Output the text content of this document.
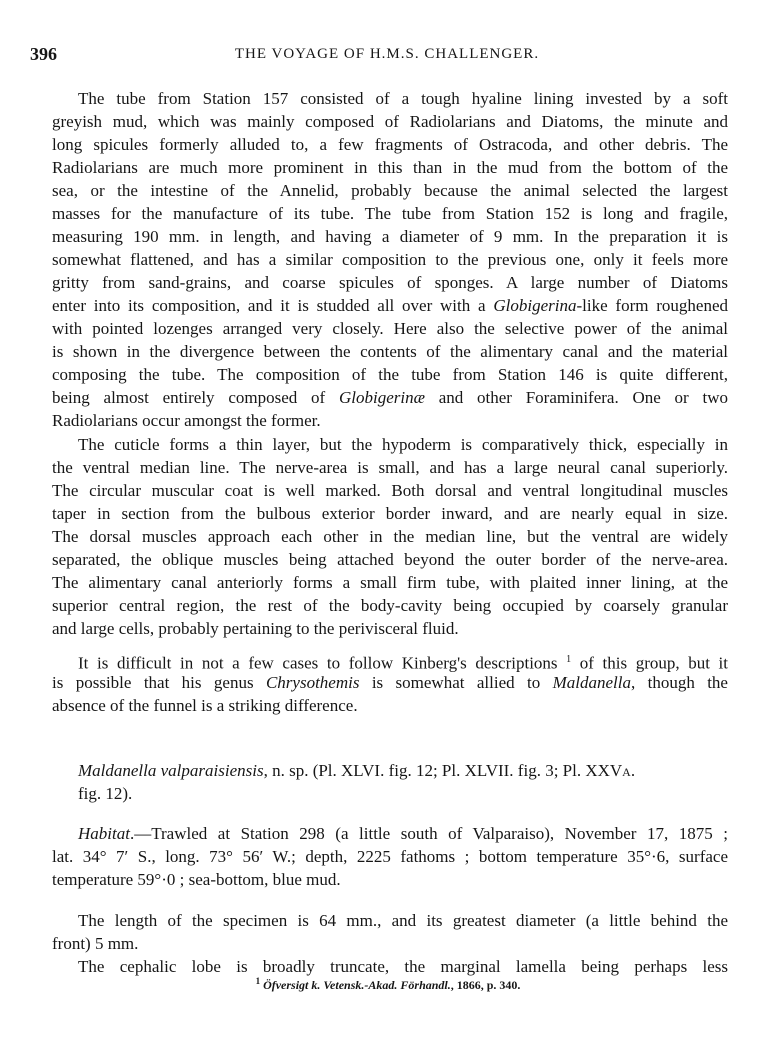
396	THE VOYAGE OF H.M.S. CHALLENGER.
The tube from Station 157 consisted of a tough hyaline lining invested by a soft
greyish mud, which was mainly composed of Radiolarians and Diatoms, the minute and
long spicules formerly alluded to, a few fragments of Ostracoda, and other debris. The
Radiolarians are much more prominent in this than in the mud from the bottom of the
sea, or the intestine of the Annelid, probably because the animal selected the largest
masses for the manufacture of its tube. The tube from Station 152 is long and fragile,
measuring 190 mm. in length, and having a diameter of 9 mm. In the preparation it is
somewhat flattened, and has a similar composition to the previous one, only it feels more
gritty from sand-grains, and coarse spicules of sponges. A large number of Diatoms
enter into its composition, and it is studded all over with a Globigerina-like form roughened
with pointed lozenges arranged very closely. Here also the selective power of the animal
is shown in the divergence between the contents of the alimentary canal and the material
composing the tube. The composition of the tube from Station 146 is quite different,
being almost entirely composed of Globigerinæ and other Foraminifera. One or two
Radiolarians occur amongst the former.
The cuticle forms a thin layer, but the hypoderm is comparatively thick, especially in
the ventral median line. The nerve-area is small, and has a large neural canal superiorly.
The circular muscular coat is well marked. Both dorsal and ventral longitudinal muscles
taper in section from the bulbous exterior border inward, and are nearly equal in size.
The dorsal muscles approach each other in the median line, but the ventral are widely
separated, the oblique muscles being attached beyond the outer border of the nerve-area.
The alimentary canal anteriorly forms a small firm tube, with plaited inner lining, at the
superior central region, the rest of the body-cavity being occupied by coarsely granular
and large cells, probably pertaining to the perivisceral fluid.
It is difficult in not a few cases to follow Kinberg's descriptions $^1$ of this group, but it
is possible that his genus Chrysothemis is somewhat allied to Maldanella, though the
absence of the funnel is a striking difference.
Maldanella valparaisiensis, n. sp. (Pl. XLVI. fig. 12; Pl. XLVII. fig. 3; Pl. XXVA.
fig. 12).
Habitat.—Trawled at Station 298 (a little south of Valparaiso), November 17, 1875 ;
lat. 34° 7′ S., long. 73° 56′ W.; depth, 2225 fathoms ; bottom temperature 35°·6, surface
temperature 59°·0 ; sea-bottom, blue mud.
The length of the specimen is 64 mm., and its greatest diameter (a little behind the
front) 5 mm.
The cephalic lobe is broadly truncate, the marginal lamella being perhaps less
$^1$ Öfversigt k. Vetensk.-Akad. Förhandl., 1866, p. 340.
